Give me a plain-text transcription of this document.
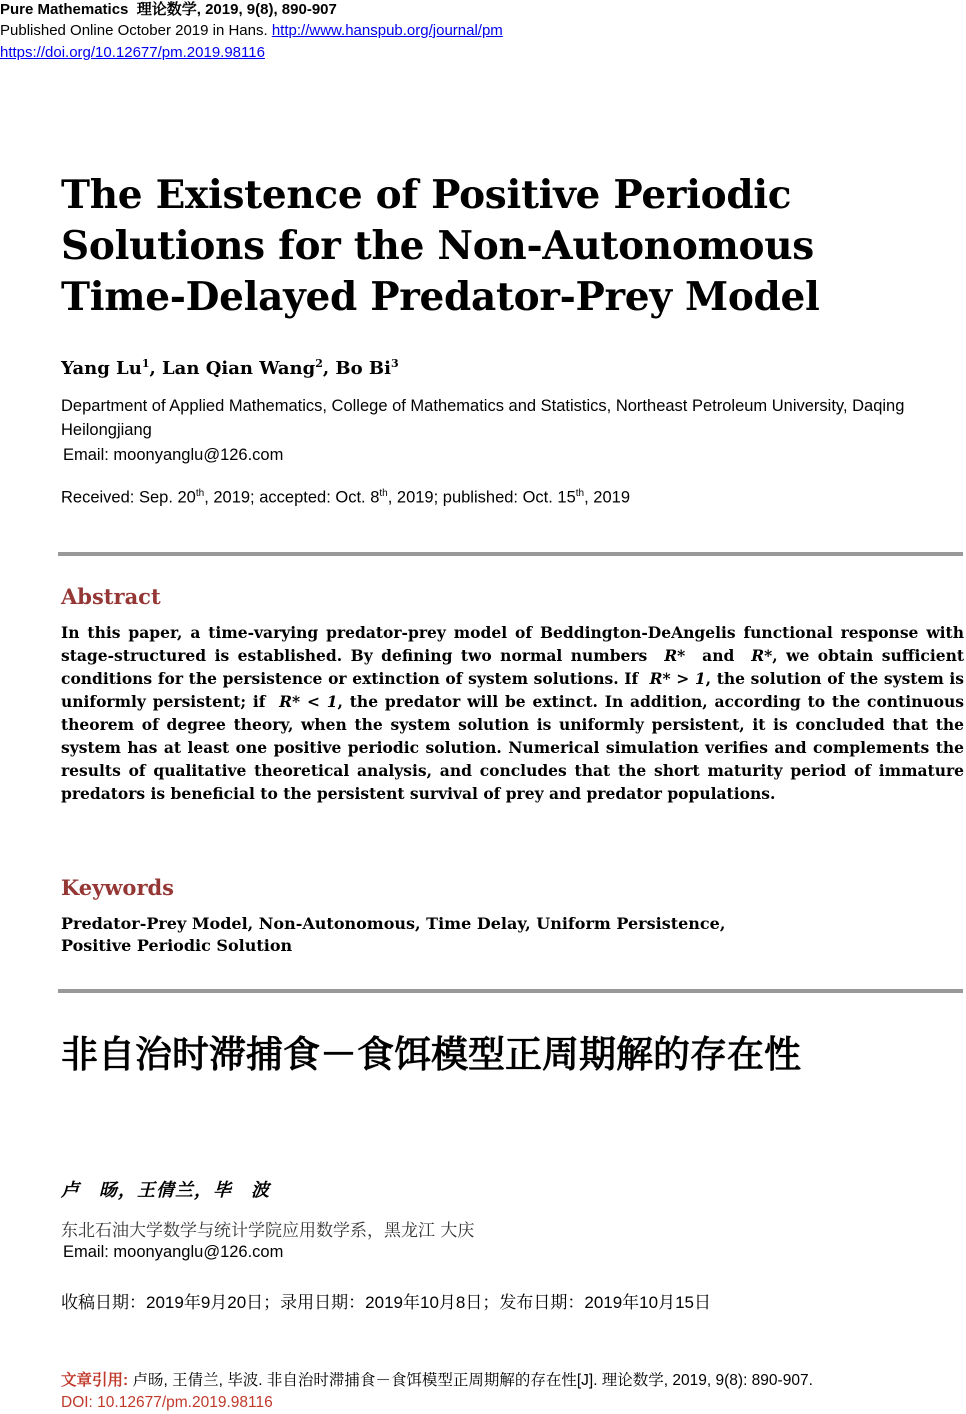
Pure Mathematics 理论数学, 2019, 9(8), 890-907
Published Online October 2019 in Hans. http://www.hanspub.org/journal/pm
https://doi.org/10.12677/pm.2019.98116
The Existence of Positive Periodic Solutions for the Non-Autonomous Time-Delayed Predator-Prey Model
Yang Lu$^1$, Lan Qian Wang$^2$, Bo Bi$^3$
Department of Applied Mathematics, College of Mathematics and Statistics, Northeast Petroleum University, Daqing Heilongjiang
Email: moonyanglu@126.com
Received: Sep. 20th, 2019; accepted: Oct. 8th, 2019; published: Oct. 15th, 2019
Abstract
In this paper, a time-varying predator-prey model of Beddington-DeAngelis functional response with stage-structured is established. By defining two normal numbers R* and R*, we obtain sufficient conditions for the persistence or extinction of system solutions. If R* > 1, the solution of the system is uniformly persistent; if R* < 1, the predator will be extinct. In addition, according to the continuous theorem of degree theory, when the system solution is uniformly persistent, it is concluded that the system has at least one positive periodic solution. Numerical simulation verifies and complements the results of qualitative theoretical analysis, and concludes that the short maturity period of immature predators is beneficial to the persistent survival of prey and predator populations.
Keywords
Predator-Prey Model, Non-Autonomous, Time Delay, Uniform Persistence,
Positive Periodic Solution
非自治时滞捕食－食饵模型正周期解的存在性
卢　旸，王倩兰，毕　波
东北石油大学数学与统计学院应用数学系，黑龙江 大庆
Email: moonyanglu@126.com
收稿日期：2019年9月20日；录用日期：2019年10月8日；发布日期：2019年10月15日
文章引用: 卢旸, 王倩兰, 毕波. 非自治时滞捕食－食饵模型正周期解的存在性[J]. 理论数学, 2019, 9(8): 890-907.
DOI: 10.12677/pm.2019.98116
